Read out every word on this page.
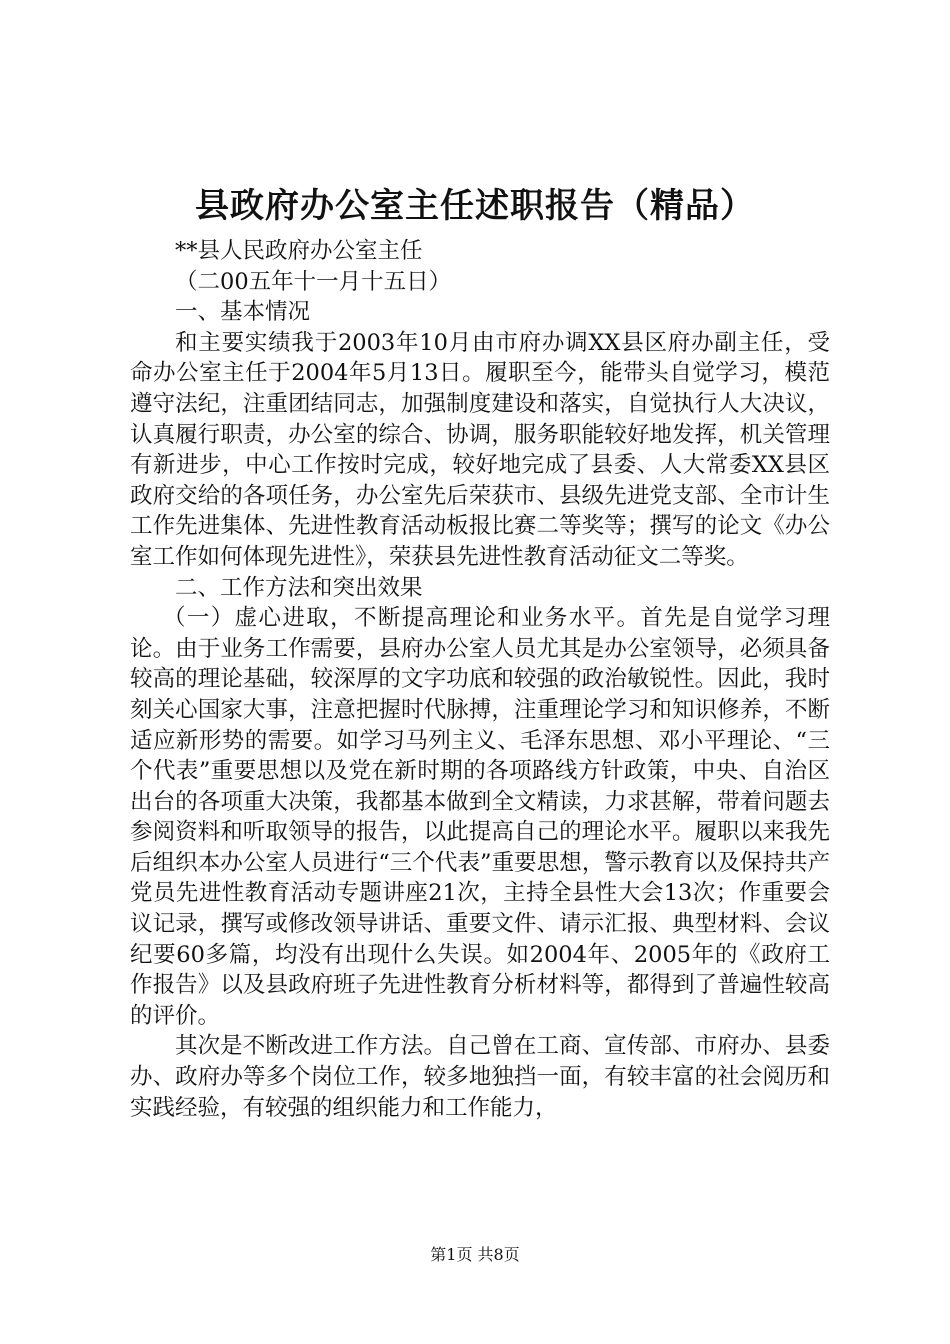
县政府办公室主任述职报告（精品）

**县人民政府办公室主任

（二00五年十一月十五日）

一、基本情况

和主要实绩我于2003年10月由市府办调XX县区府办副主任，受命办公室主任于2004年5月13日。履职至今，能带头自觉学习，模范遵守法纪，注重团结同志，加强制度建设和落实，自觉执行人大决议，认真履行职责，办公室的综合、协调，服务职能较好地发挥，机关管理有新进步，中心工作按时完成，较好地完成了县委、人大常委XX县区政府交给的各项任务，办公室先后荣获市、县级先进党支部、全市计生工作先进集体、先进性教育活动板报比赛二等奖等；撰写的论文《办公室工作如何体现先进性》，荣获县先进性教育活动征文二等奖。

二、工作方法和突出效果

（一）虚心进取，不断提高理论和业务水平。首先是自觉学习理论。由于业务工作需要，县府办公室人员尤其是办公室领导，必须具备较高的理论基础，较深厚的文字功底和较强的政治敏锐性。因此，我时刻关心国家大事，注意把握时代脉搏，注重理论学习和知识修养，不断适应新形势的需要。如学习马列主义、毛泽东思想、邓小平理论、“三个代表”重要思想以及党在新时期的各项路线方针政策，中央、自治区出台的各项重大决策，我都基本做到全文精读，力求甚解，带着问题去参阅资料和听取领导的报告，以此提高自己的理论水平。履职以来我先后组织本办公室人员进行“三个代表”重要思想，警示教育以及保持共产党员先进性教育活动专题讲座21次，主持全县性大会13次；作重要会议记录，撰写或修改领导讲话、重要文件、请示汇报、典型材料、会议纪要60多篇，均没有出现什么失误。如2004年、2005年的《政府工作报告》以及县政府班子先进性教育分析材料等，都得到了普遍性较高的评价。

其次是不断改进工作方法。自己曾在工商、宣传部、市府办、县委办、政府办等多个岗位工作，较多地独挡一面，有较丰富的社会阅历和实践经验，有较强的组织能力和工作能力，

第1页 共8页
